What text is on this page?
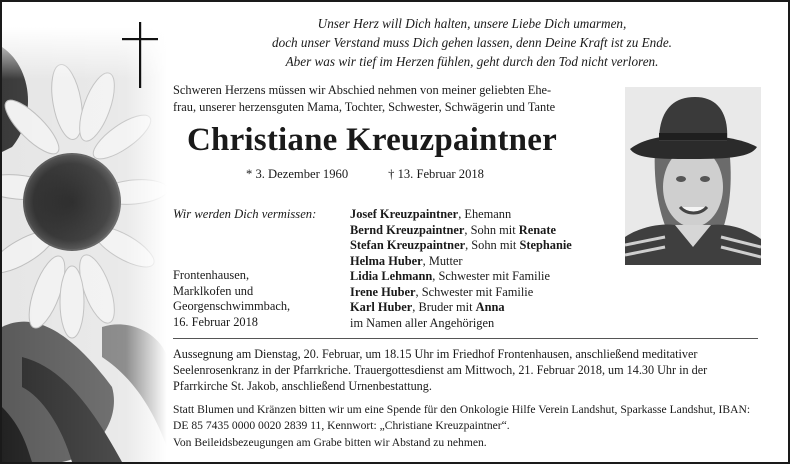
Unser Herz will Dich halten, unsere Liebe Dich umarmen,
doch unser Verstand muss Dich gehen lassen, denn Deine Kraft ist zu Ende.
Aber was wir tief im Herzen fühlen, geht durch den Tod nicht verloren.
Schweren Herzens müssen wir Abschied nehmen von meiner geliebten Ehe-
frau, unserer herzensguten Mama, Tochter, Schwester, Schwägerin und Tante
Christiane Kreuzpaintner
* 3. Dezember 1960	† 13. Februar 2018
Wir werden Dich vermissen:	Josef Kreuzpaintner, Ehemann
Bernd Kreuzpaintner, Sohn mit Renate
Stefan Kreuzpaintner, Sohn mit Stephanie
Helma Huber, Mutter
Lidia Lehmann, Schwester mit Familie
Irene Huber, Schwester mit Familie
Karl Huber, Bruder mit Anna
im Namen aller Angehörigen
Frontenhausen,
Marklkofen und
Georgenschwimmbach,
16. Februar 2018
Aussegnung am Dienstag, 20. Februar, um 18.15 Uhr im Friedhof Frontenhausen, anschließend meditativer Seelenrosenkranz in der Pfarrkriche. Trauergottesdienst am Mittwoch, 21. Februar 2018, um 14.30 Uhr in der Pfarrkirche St. Jakob, anschließend Urnenbestattung.
Statt Blumen und Kränzen bitten wir um eine Spende für den Onkologie Hilfe Verein Landshut, Sparkasse Landshut, IBAN: DE 85 7435 0000 0020 2839 11, Kennwort: „Christiane Kreuzpaintner“.
Von Beileidsbezeugungen am Grabe bitten wir Abstand zu nehmen.
